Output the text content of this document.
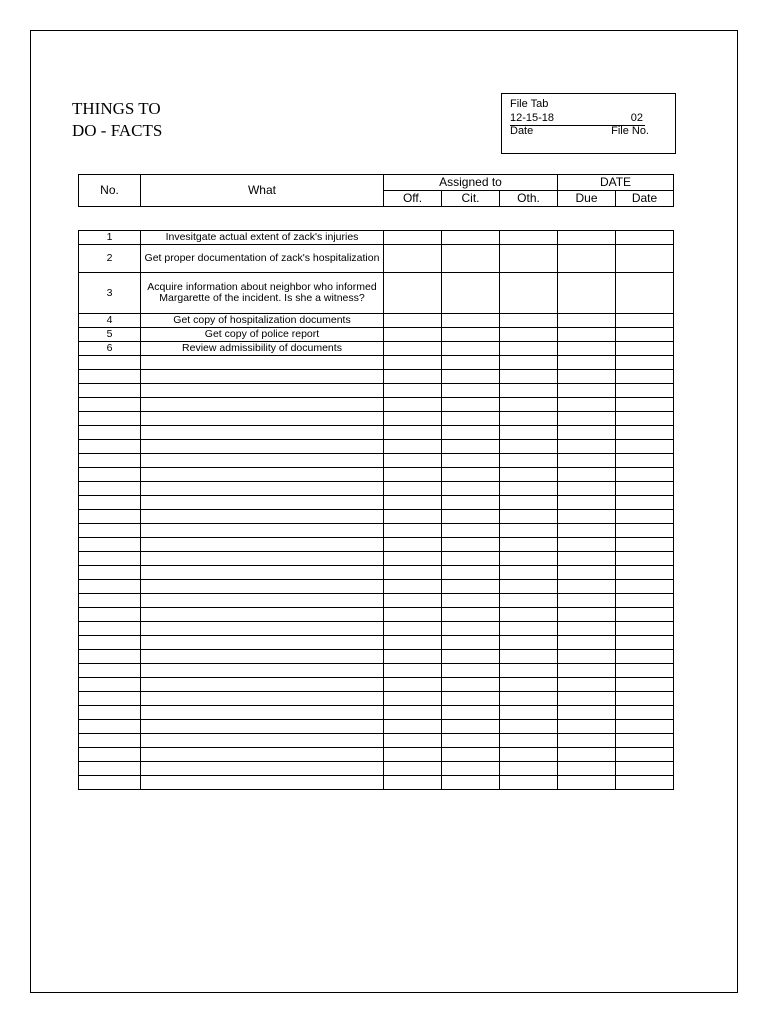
THINGS TO
DO - FACTS
File Tab
12-15-18	02
Date	File No.
No.	What	Assigned to			DATE	
		Off.	Cit.	Oth.	Due	Date
1	Invesitgate actual extent of zack's injuries					
2	Get proper documentation of zack's hospitalization					
3	Acquire information about neighbor who informed Margarette of the incident. Is she a witness?					
4	Get copy of hospitalization documents					
5	Get copy of police report					
6	Review admissibility of documents					
